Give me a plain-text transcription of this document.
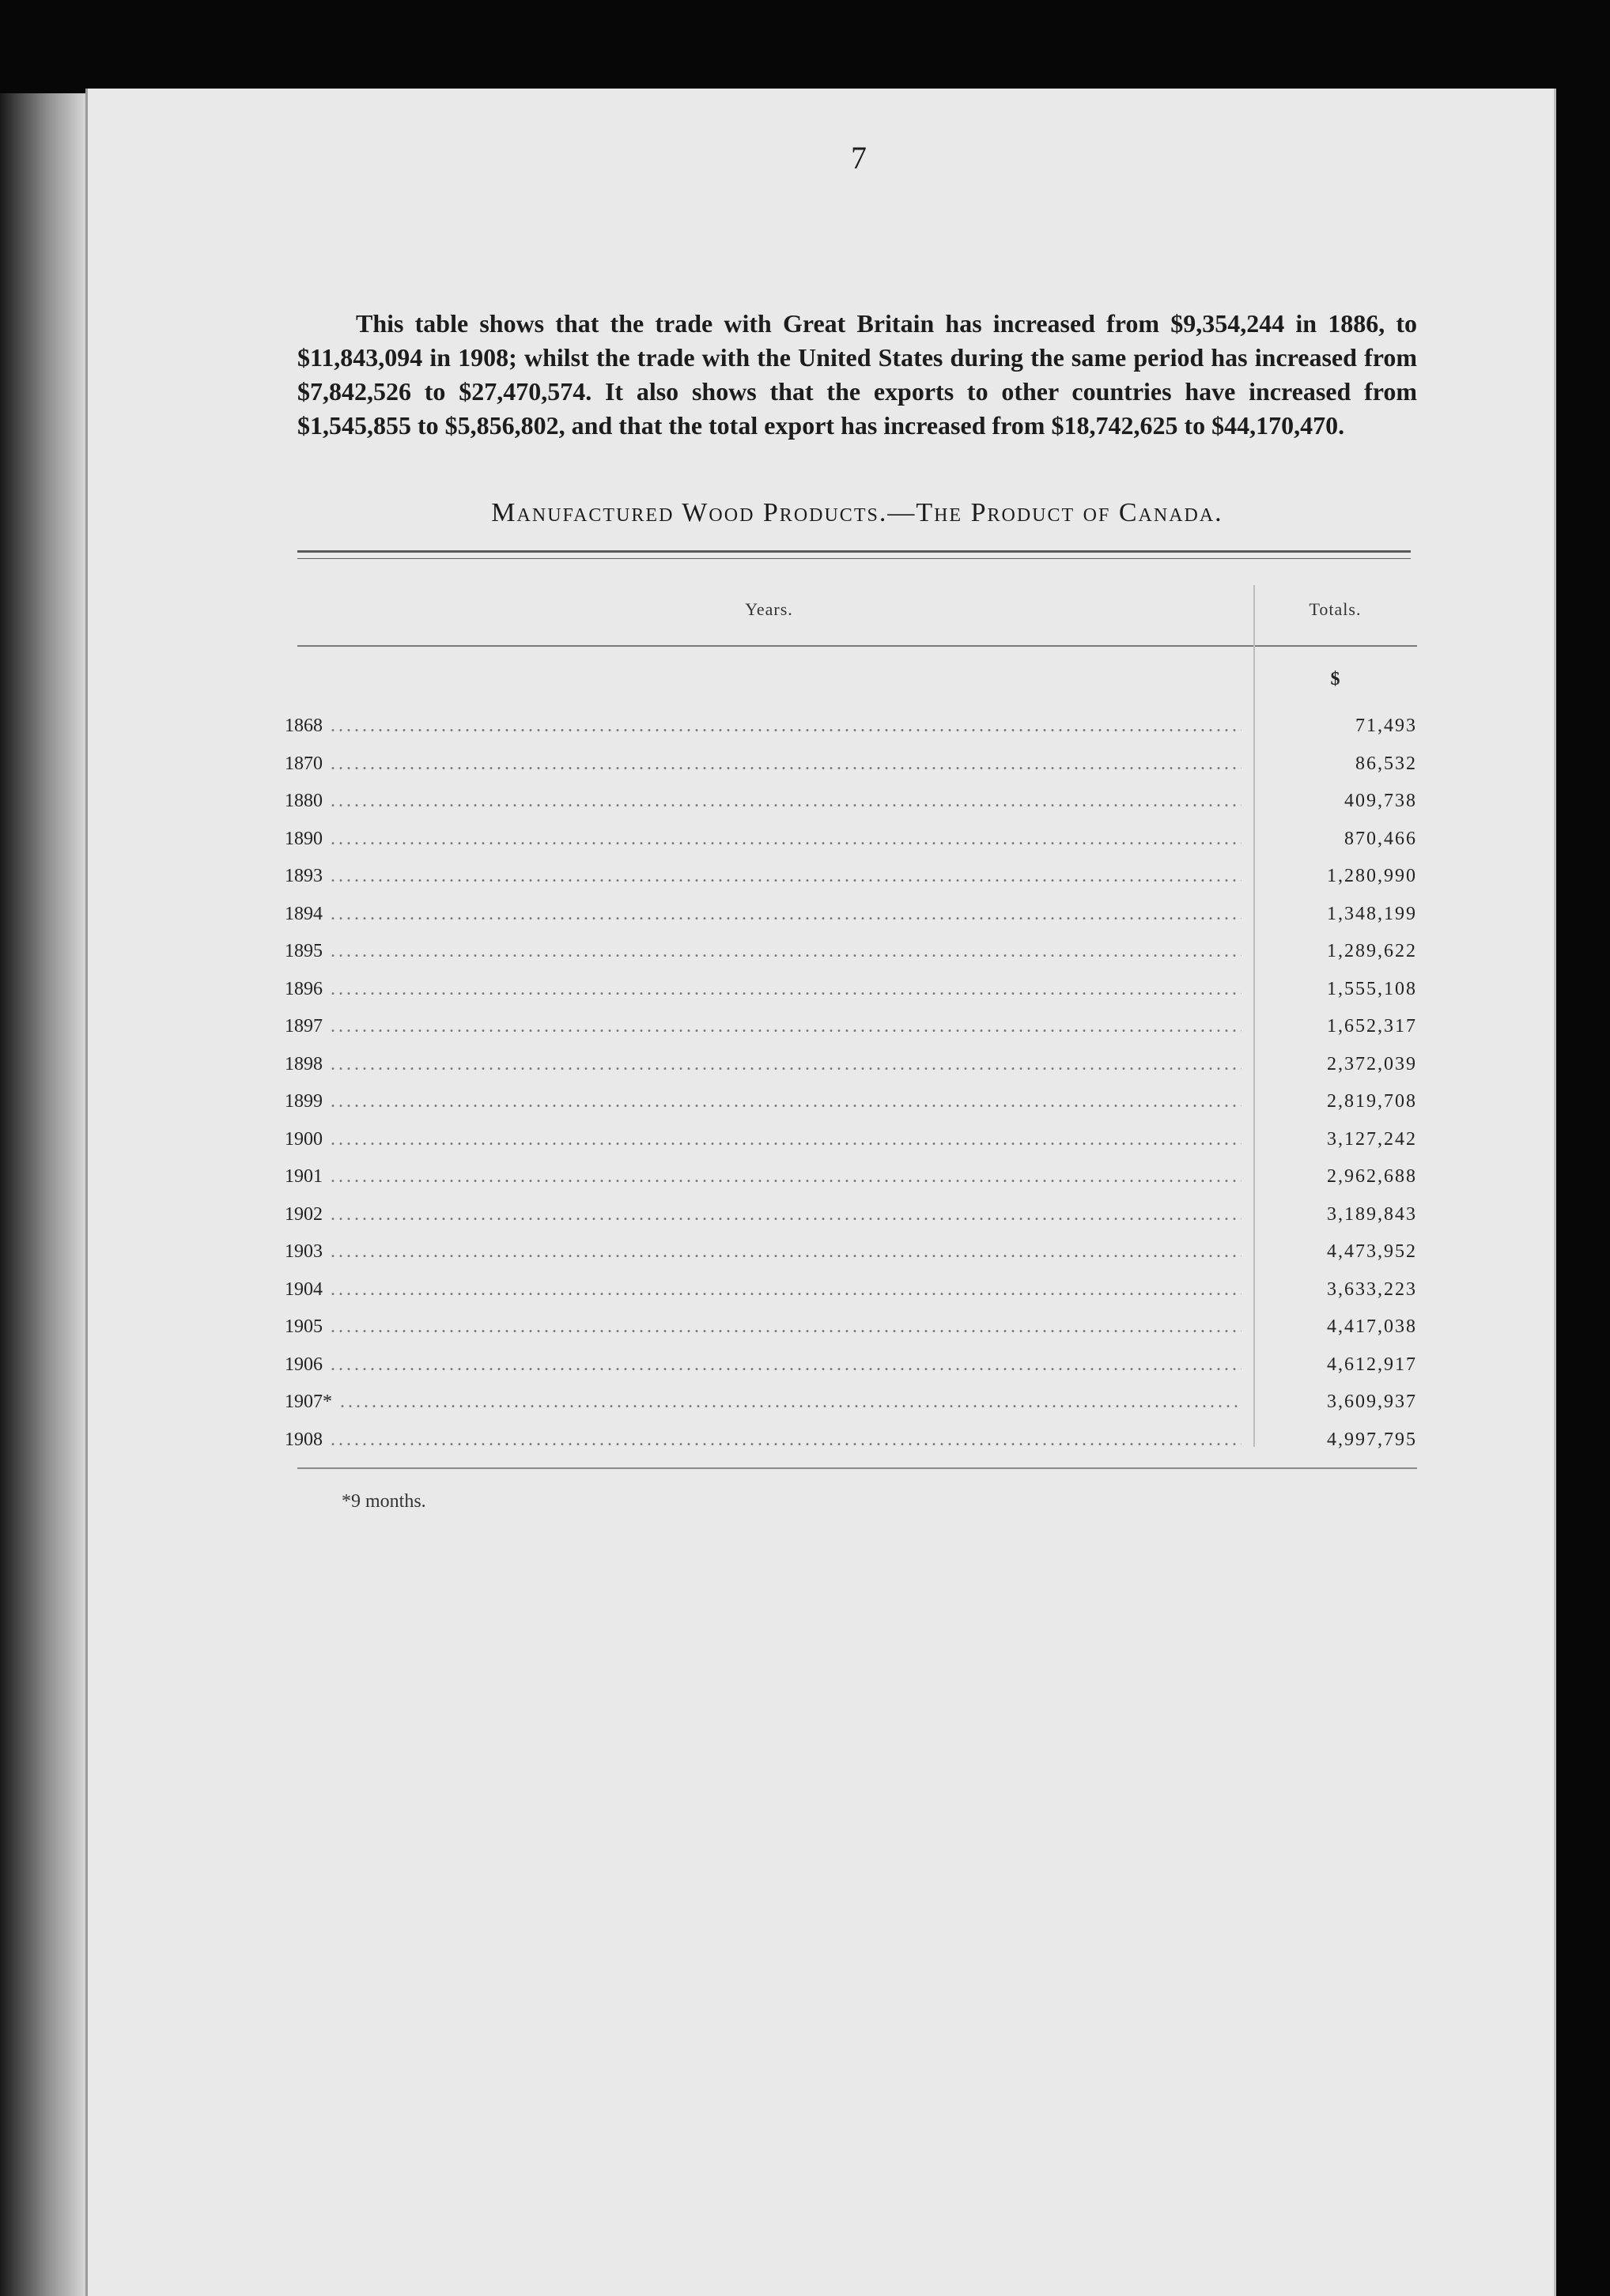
7

This table shows that the trade with Great Britain has increased from $9,354,244 in 1886, to $11,843,094 in 1908; whilst the trade with the United States during the same period has increased from $7,842,526 to $27,470,574. It also shows that the exports to other countries have increased from $1,545,855 to $5,856,802, and that the total export has increased from $18,742,625 to $44,170,470.

Manufactured Wood Products.—The Product of Canada.
Years.	Totals.
$
1868 .....	71,493
1870 .....	86,532
1880 .....	409,738
1890 .....	870,466
1893 .....	1,280,990
1894 .....	1,348,199
1895 .....	1,289,622
1896 .....	1,555,108
1897 .....	1,652,317
1898 .....	2,372,039
1899 .....	2,819,708
1900 .....	3,127,242
1901 .....	2,962,688
1902 .....	3,189,843
1903 .....	4,473,952
1904 .....	3,633,223
1905 .....	4,417,038
1906 .....	4,612,917
1907* .....	3,609,937
1908 .....	4,997,795
*9 months.
